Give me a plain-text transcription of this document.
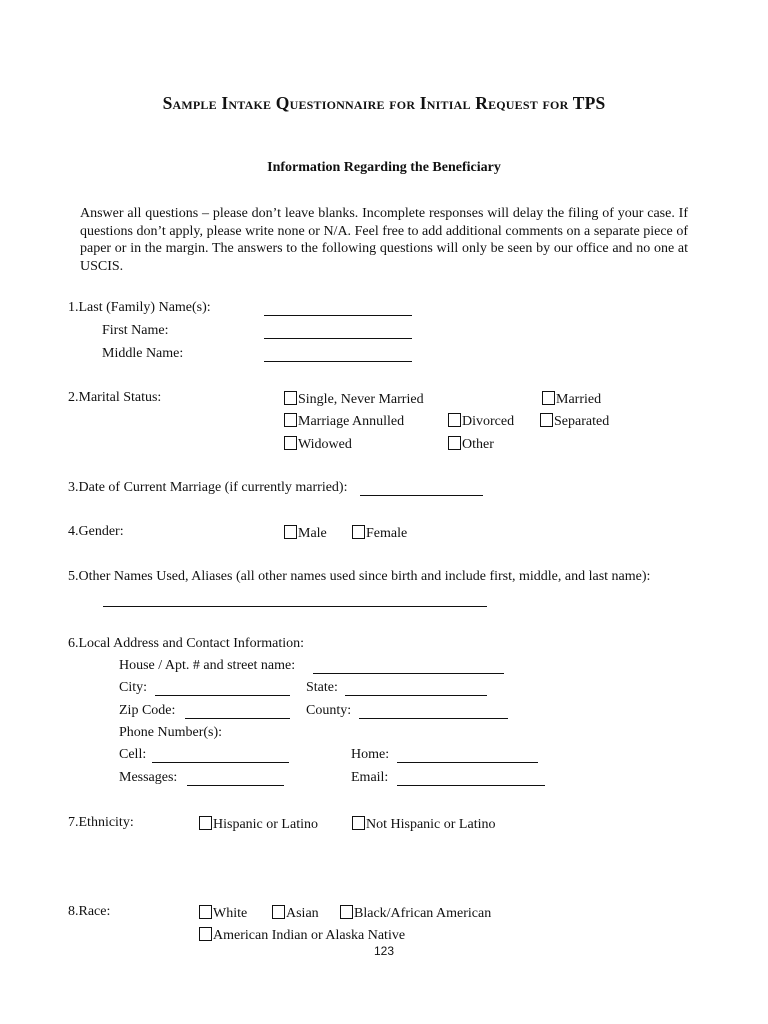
Sample Intake Questionnaire for Initial Request for TPS
Information Regarding the Beneficiary
Answer all questions – please don’t leave blanks. Incomplete responses will delay the filing of your case. If questions don’t apply, please write none or N/A. Feel free to add additional comments on a separate piece of paper or in the margin. The answers to the following questions will only be seen by our office and no one at USCIS.
1.Last (Family) Name(s):
First Name:
Middle Name:
2.Marital Status:	Single, Never Married	Married
Marriage Annulled	Divorced	Separated
Widowed	Other
3.Date of Current Marriage (if currently married):
4.Gender:	Male	Female
5.Other Names Used, Aliases (all other names used since birth and include first, middle, and last name):
6.Local Address and Contact Information:
House / Apt. # and street name:
City:	State:
Zip Code:	County:
Phone Number(s):
Cell:	Home:
Messages:	Email:
7.Ethnicity:	Hispanic or Latino	Not Hispanic or Latino
8.Race:	White	Asian	Black/African American
American Indian or Alaska Native
123
